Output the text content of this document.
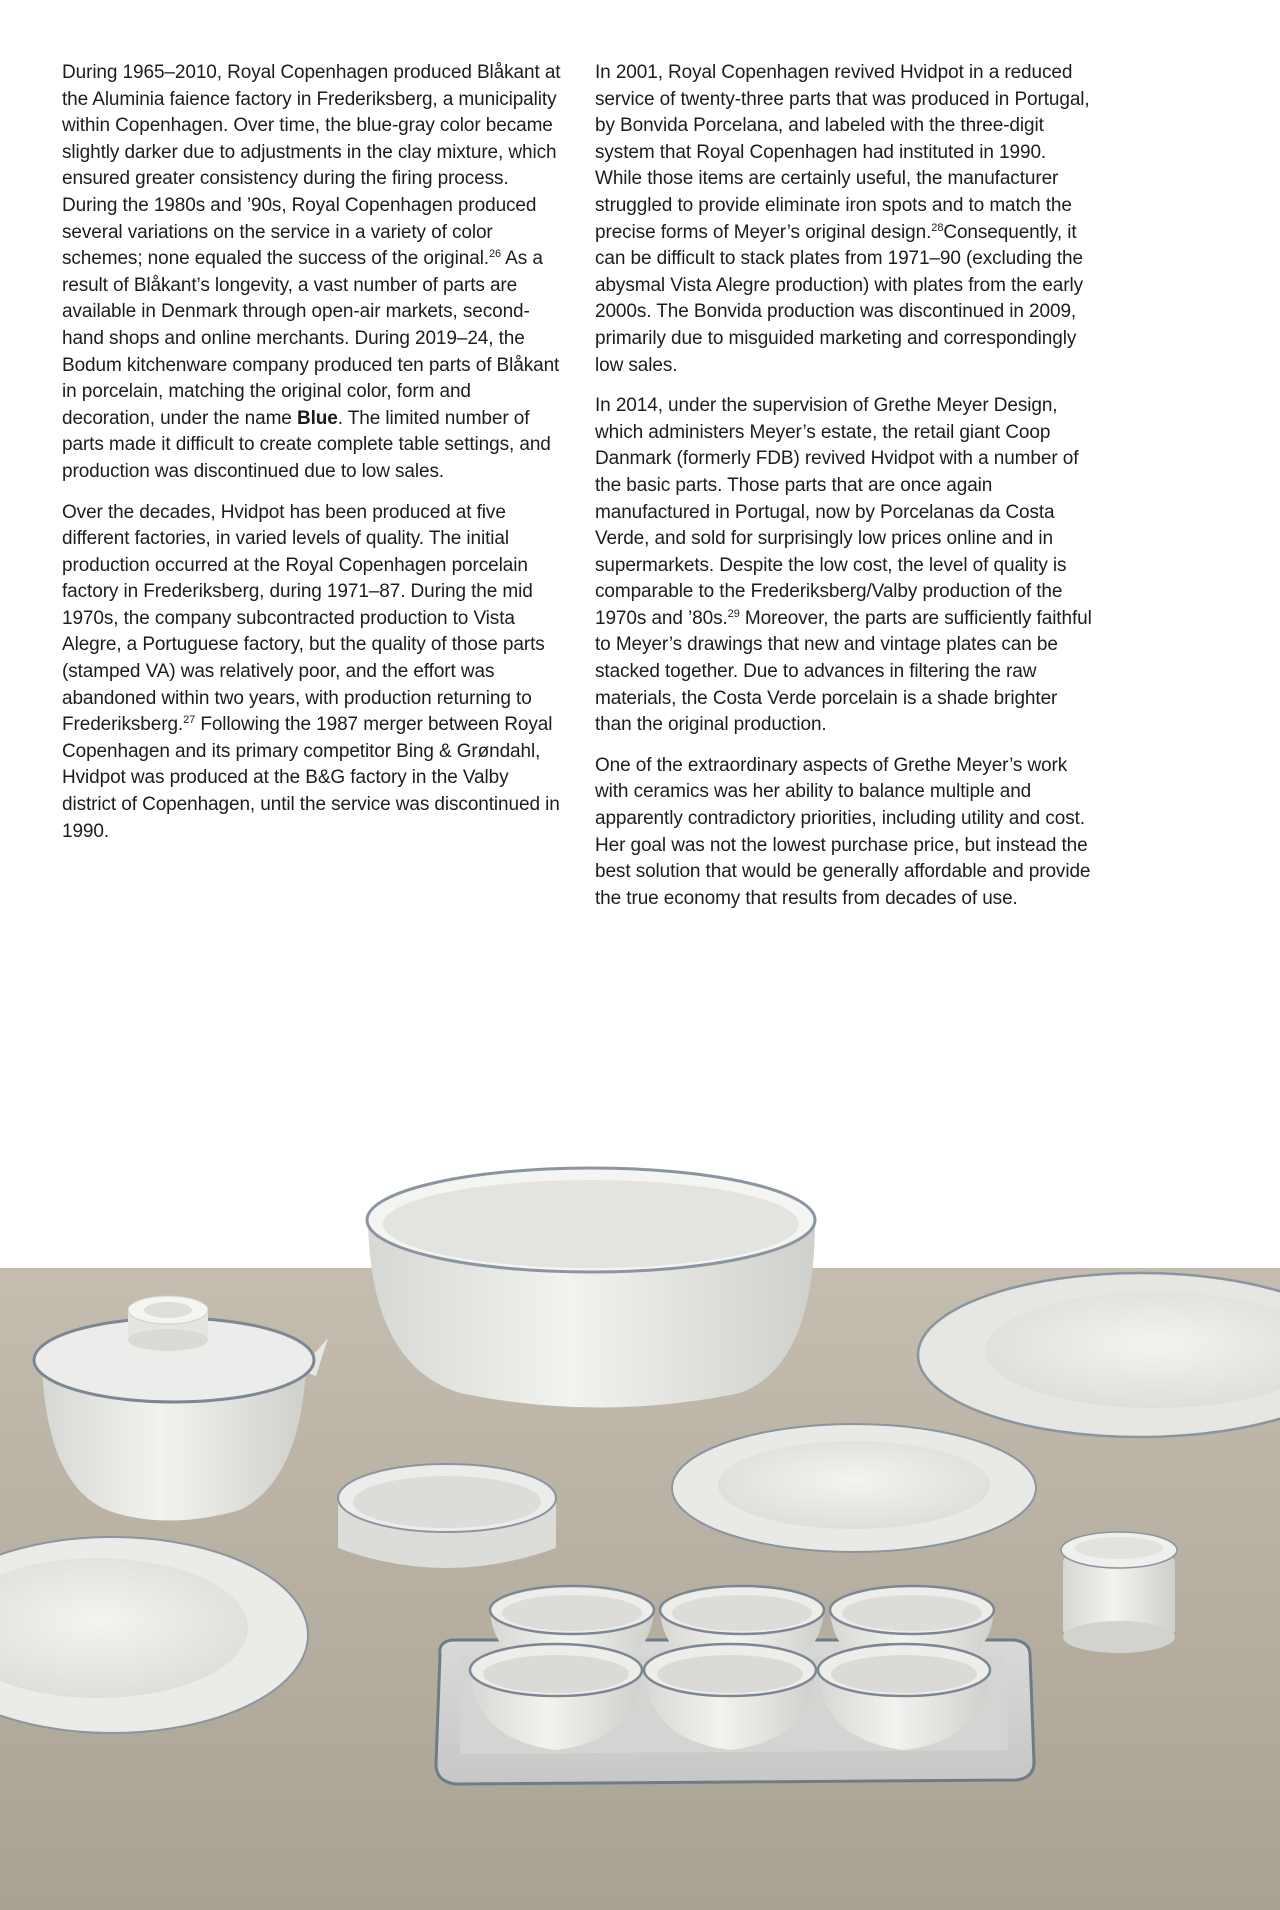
During 1965–2010, Royal Copenhagen produced Blåkant at the Aluminia faience factory in Frederiksberg, a municipality within Copenhagen. Over time, the blue-gray color became slightly darker due to adjustments in the clay mixture, which ensured greater consistency during the firing process. During the 1980s and ’90s, Royal Copenhagen produced several variations on the service in a variety of color schemes; none equaled the success of the original.$^{26}$ As a result of Blåkant’s longevity, a vast number of parts are available in Denmark through open-air markets, second-hand shops and online merchants. During 2019–24, the Bodum kitchenware company produced ten parts of Blåkant in porcelain, matching the original color, form and decoration, under the name Blue. The limited number of parts made it difficult to create complete table settings, and production was discontinued due to low sales.

Over the decades, Hvidpot has been produced at five different factories, in varied levels of quality. The initial production occurred at the Royal Copenhagen porcelain factory in Frederiksberg, during 1971–87. During the mid 1970s, the company subcontracted production to Vista Alegre, a Portuguese factory, but the quality of those parts (stamped VA) was relatively poor, and the effort was abandoned within two years, with production returning to Frederiksberg.$^{27}$ Following the 1987 merger between Royal Copenhagen and its primary competitor Bing & Grøndahl, Hvidpot was produced at the B&G factory in the Valby district of Copenhagen, until the service was discontinued in 1990.

In 2001, Royal Copenhagen revived Hvidpot in a reduced service of twenty-three parts that was produced in Portugal, by Bonvida Porcelana, and labeled with the three-digit system that Royal Copenhagen had instituted in 1990. While those items are certainly useful, the manufacturer struggled to provide eliminate iron spots and to match the precise forms of Meyer’s original design.$^{28}$Consequently, it can be difficult to stack plates from 1971–90 (excluding the abysmal Vista Alegre production) with plates from the early 2000s. The Bonvida production was discontinued in 2009, primarily due to misguided marketing and correspondingly low sales.

In 2014, under the supervision of Grethe Meyer Design, which administers Meyer’s estate, the retail giant Coop Danmark (formerly FDB) revived Hvidpot with a number of the basic parts. Those parts that are once again manufactured in Portugal, now by Porcelanas da Costa Verde, and sold for surprisingly low prices online and in supermarkets. Despite the low cost, the level of quality is comparable to the Frederiksberg/Valby production of the 1970s and ’80s.$^{29}$ Moreover, the parts are sufficiently faithful to Meyer’s drawings that new and vintage plates can be stacked together. Due to advances in filtering the raw materials, the Costa Verde porcelain is a shade brighter than the original production.

One of the extraordinary aspects of Grethe Meyer’s work with ceramics was her ability to balance multiple and apparently contradictory priorities, including utility and cost. Her goal was not the lowest purchase price, but instead the best solution that would be generally affordable and provide the true economy that results from decades of use.
